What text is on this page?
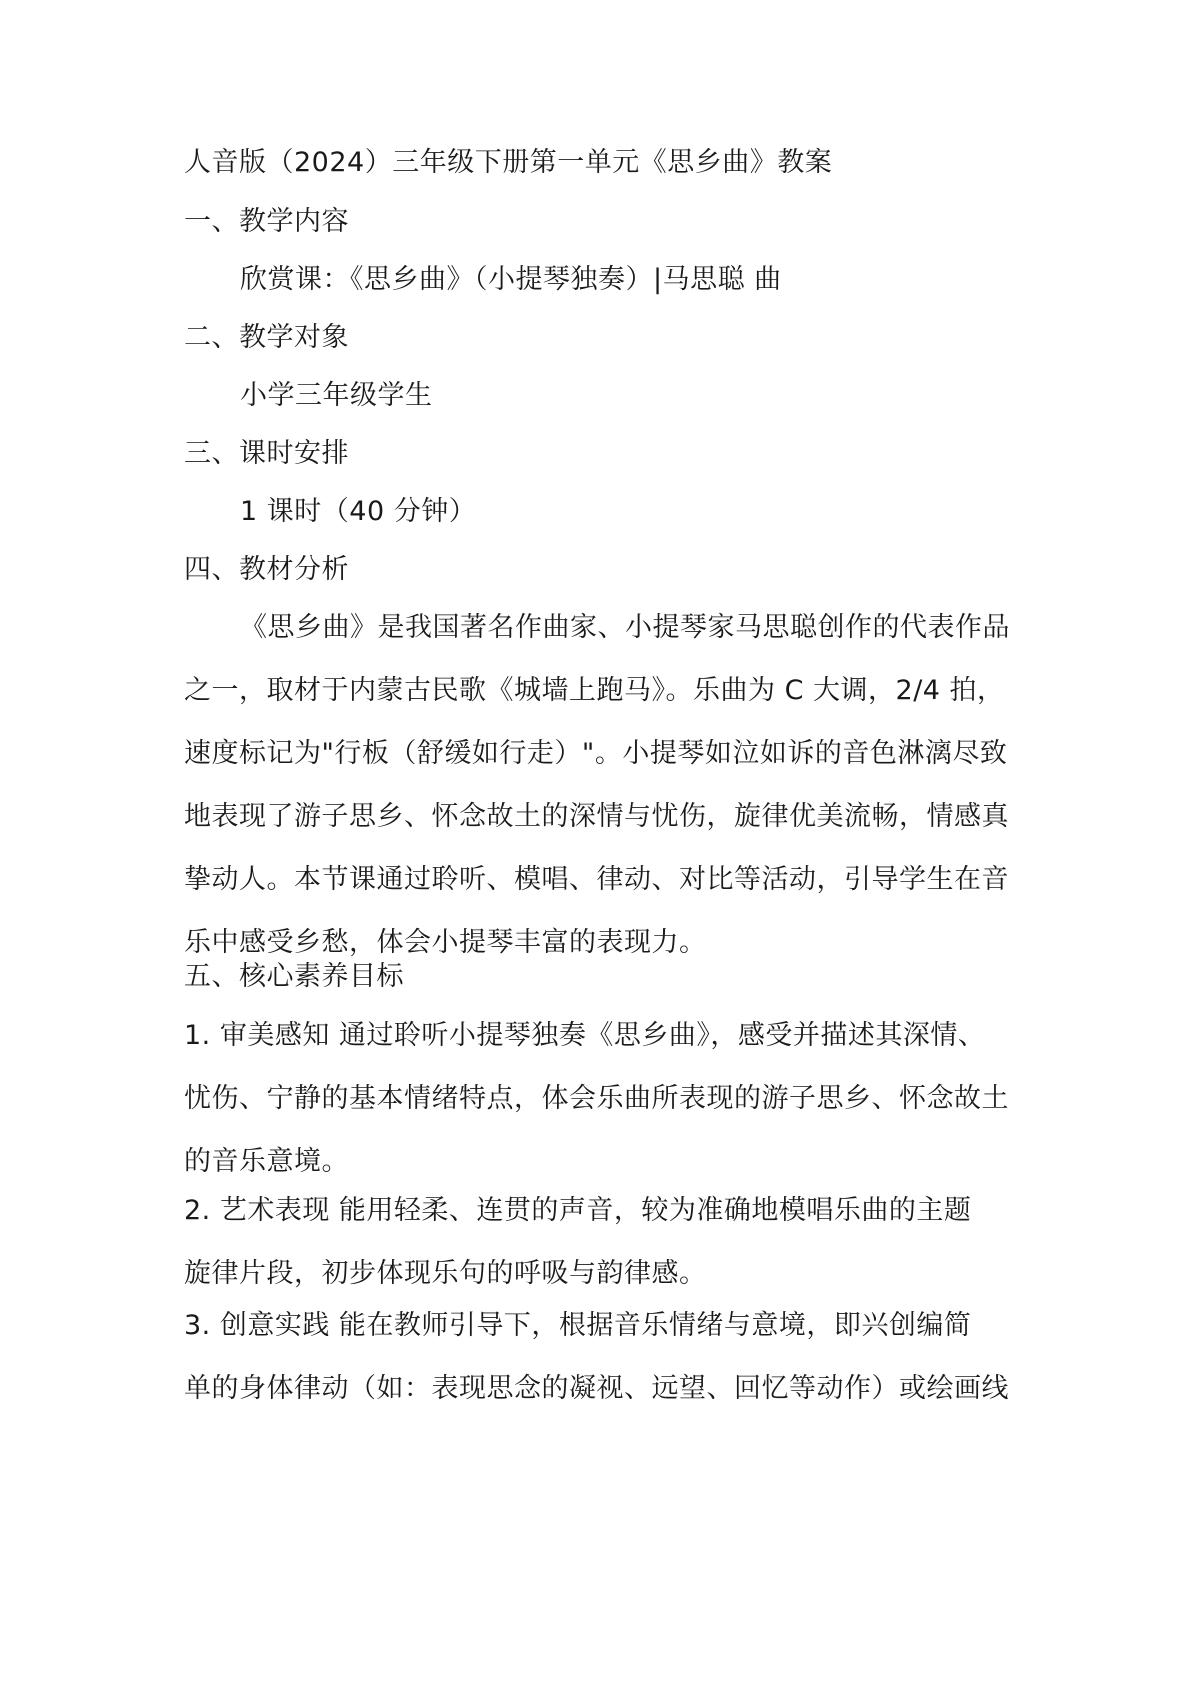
人音版（2024）三年级下册第一单元《思乡曲》教案
一、教学内容
欣赏课：《思乡曲》（小提琴独奏）|马思聪 曲
二、教学对象
小学三年级学生
三、课时安排
1 课时（40 分钟）
四、教材分析
《思乡曲》是我国著名作曲家、小提琴家马思聪创作的代表作品
之一，取材于内蒙古民歌《城墙上跑马》。乐曲为 C 大调，2/4 拍，
速度标记为"行板（舒缓如行走）"。小提琴如泣如诉的音色淋漓尽致
地表现了游子思乡、怀念故土的深情与忧伤，旋律优美流畅，情感真
挚动人。本节课通过聆听、模唱、律动、对比等活动，引导学生在音
乐中感受乡愁，体会小提琴丰富的表现力。
五、核心素养目标
1. 审美感知 通过聆听小提琴独奏《思乡曲》，感受并描述其深情、
忧伤、宁静的基本情绪特点，体会乐曲所表现的游子思乡、怀念故土
的音乐意境。
2. 艺术表现 能用轻柔、连贯的声音，较为准确地模唱乐曲的主题
旋律片段，初步体现乐句的呼吸与韵律感。
3. 创意实践 能在教师引导下，根据音乐情绪与意境，即兴创编简
单的身体律动（如：表现思念的凝视、远望、回忆等动作）或绘画线
